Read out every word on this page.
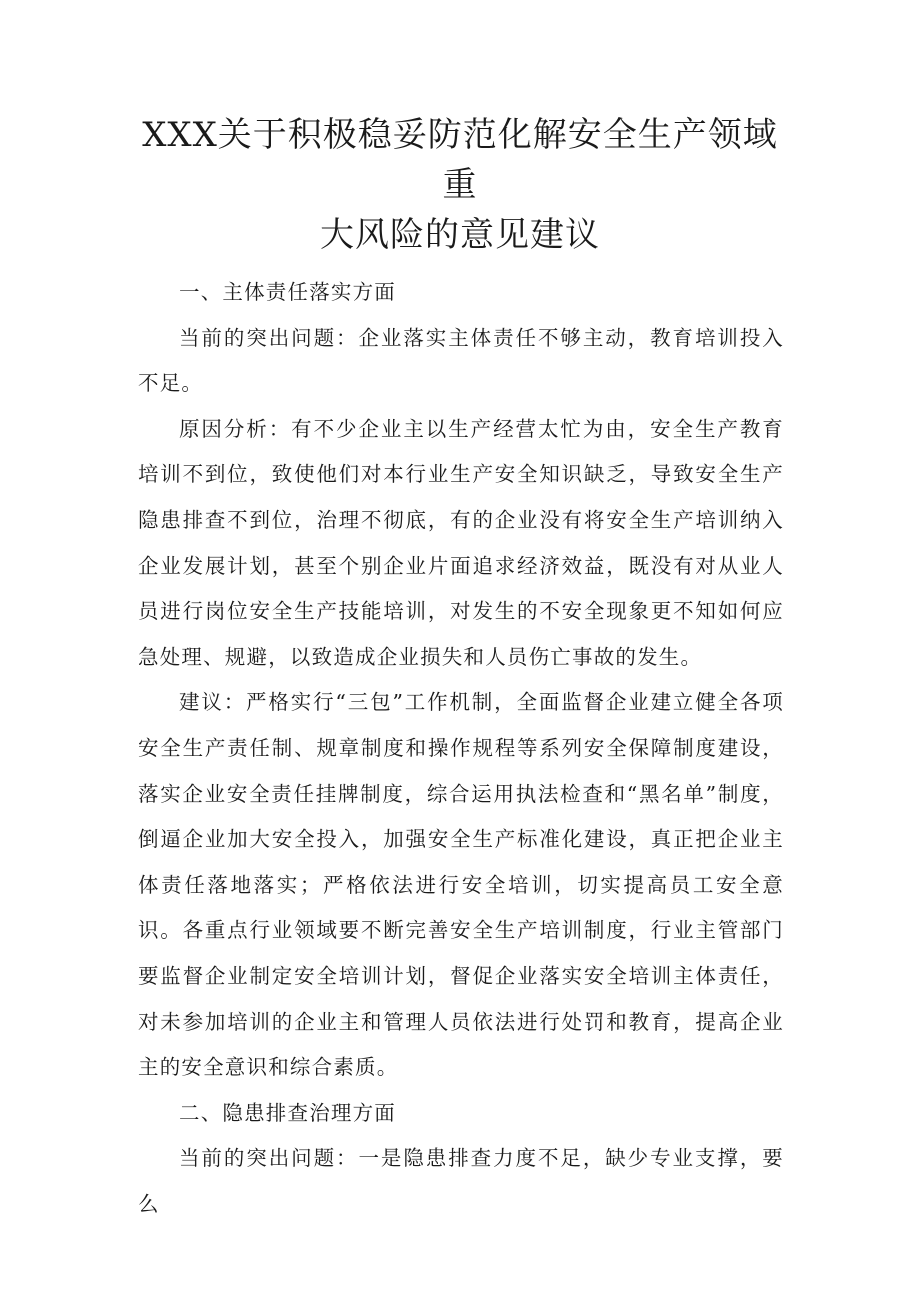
XXX关于积极稳妥防范化解安全生产领域重
大风险的意见建议

一、主体责任落实方面

当前的突出问题：企业落实主体责任不够主动，教育培训投入不足。

原因分析：有不少企业主以生产经营太忙为由，安全生产教育培训不到位，致使他们对本行业生产安全知识缺乏，导致安全生产隐患排查不到位，治理不彻底，有的企业没有将安全生产培训纳入企业发展计划，甚至个别企业片面追求经济效益，既没有对从业人员进行岗位安全生产技能培训，对发生的不安全现象更不知如何应急处理、规避，以致造成企业损失和人员伤亡事故的发生。

建议：严格实行“三包”工作机制，全面监督企业建立健全各项安全生产责任制、规章制度和操作规程等系列安全保障制度建设，落实企业安全责任挂牌制度，综合运用执法检查和“黑名单”制度，倒逼企业加大安全投入，加强安全生产标准化建设，真正把企业主体责任落地落实；严格依法进行安全培训，切实提高员工安全意识。各重点行业领域要不断完善安全生产培训制度，行业主管部门要监督企业制定安全培训计划，督促企业落实安全培训主体责任，对未参加培训的企业主和管理人员依法进行处罚和教育，提高企业主的安全意识和综合素质。

二、隐患排查治理方面

当前的突出问题：一是隐患排查力度不足，缺少专业支撑，要么
